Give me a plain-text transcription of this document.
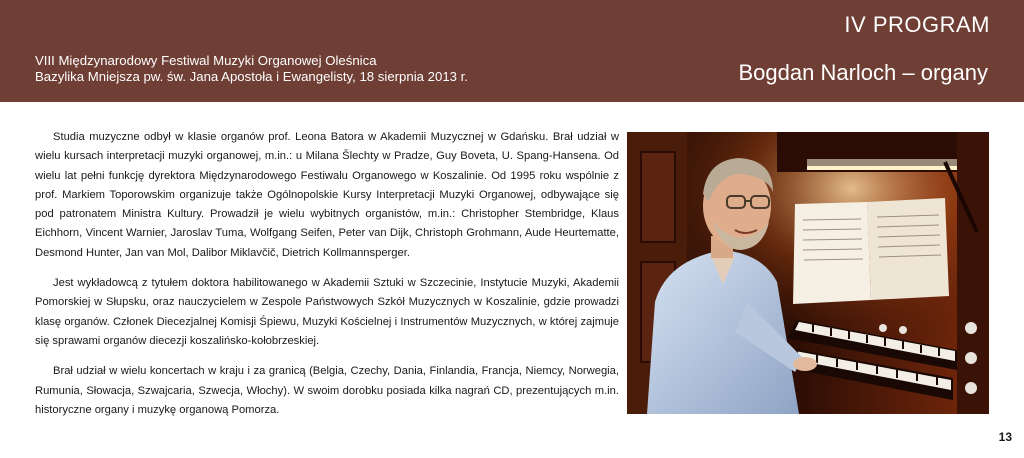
IV PROGRAM
VIII Międzynarodowy Festiwal Muzyki Organowej Oleśnica
Bazylika Mniejsza pw. św. Jana Apostoła i Ewangelisty, 18 sierpnia 2013 r.	Bogdan Narloch – organy

Studia muzyczne odbył w klasie organów prof. Leona Batora w Akademii Muzycznej w Gdańsku. Brał udział w wielu kursach interpretacji muzyki organowej, m.in.: u Milana Šlechty w Pradze, Guy Boveta, U. Spang-Hansena. Od wielu lat pełni funkcję dyrektora Międzynarodowego Festiwalu Organowego w Koszalinie. Od 1995 roku wspólnie z prof. Markiem Toporowskim organizuje także Ogólnopolskie Kursy Interpretacji Muzyki Organowej, odbywające się pod patronatem Ministra Kultury. Prowadził je wielu wybitnych organistów, m.in.: Christopher Stembridge, Klaus Eichhorn, Vincent Warnier, Jaroslav Tuma, Wolfgang Seifen, Peter van Dijk, Christoph Grohmann, Aude Heurtematte, Desmond Hunter, Jan van Mol, Dalibor Miklavčič, Dietrich Kollmannsperger.

Jest wykładowcą z tytułem doktora habilitowanego w Akademii Sztuki w Szczecinie, Instytucie Muzyki, Akademii Pomorskiej w Słupsku, oraz nauczycielem w Zespole Państwowych Szkół Muzycznych w Koszalinie, gdzie prowadzi klasę organów. Członek Diecezjalnej Komisji Śpiewu, Muzyki Kościelnej i Instrumentów Muzycznych, w której zajmuje się sprawami organów diecezji koszalińsko-kołobrzeskiej.

Brał udział w wielu koncertach w kraju i za granicą (Belgia, Czechy, Dania, Finlandia, Francja, Niemcy, Norwegia, Rumunia, Słowacja, Szwajcaria, Szwecja, Włochy). W swoim dorobku posiada kilka nagrań CD, prezentujących m.in. historyczne organy i muzykę organową Pomorza.

13
